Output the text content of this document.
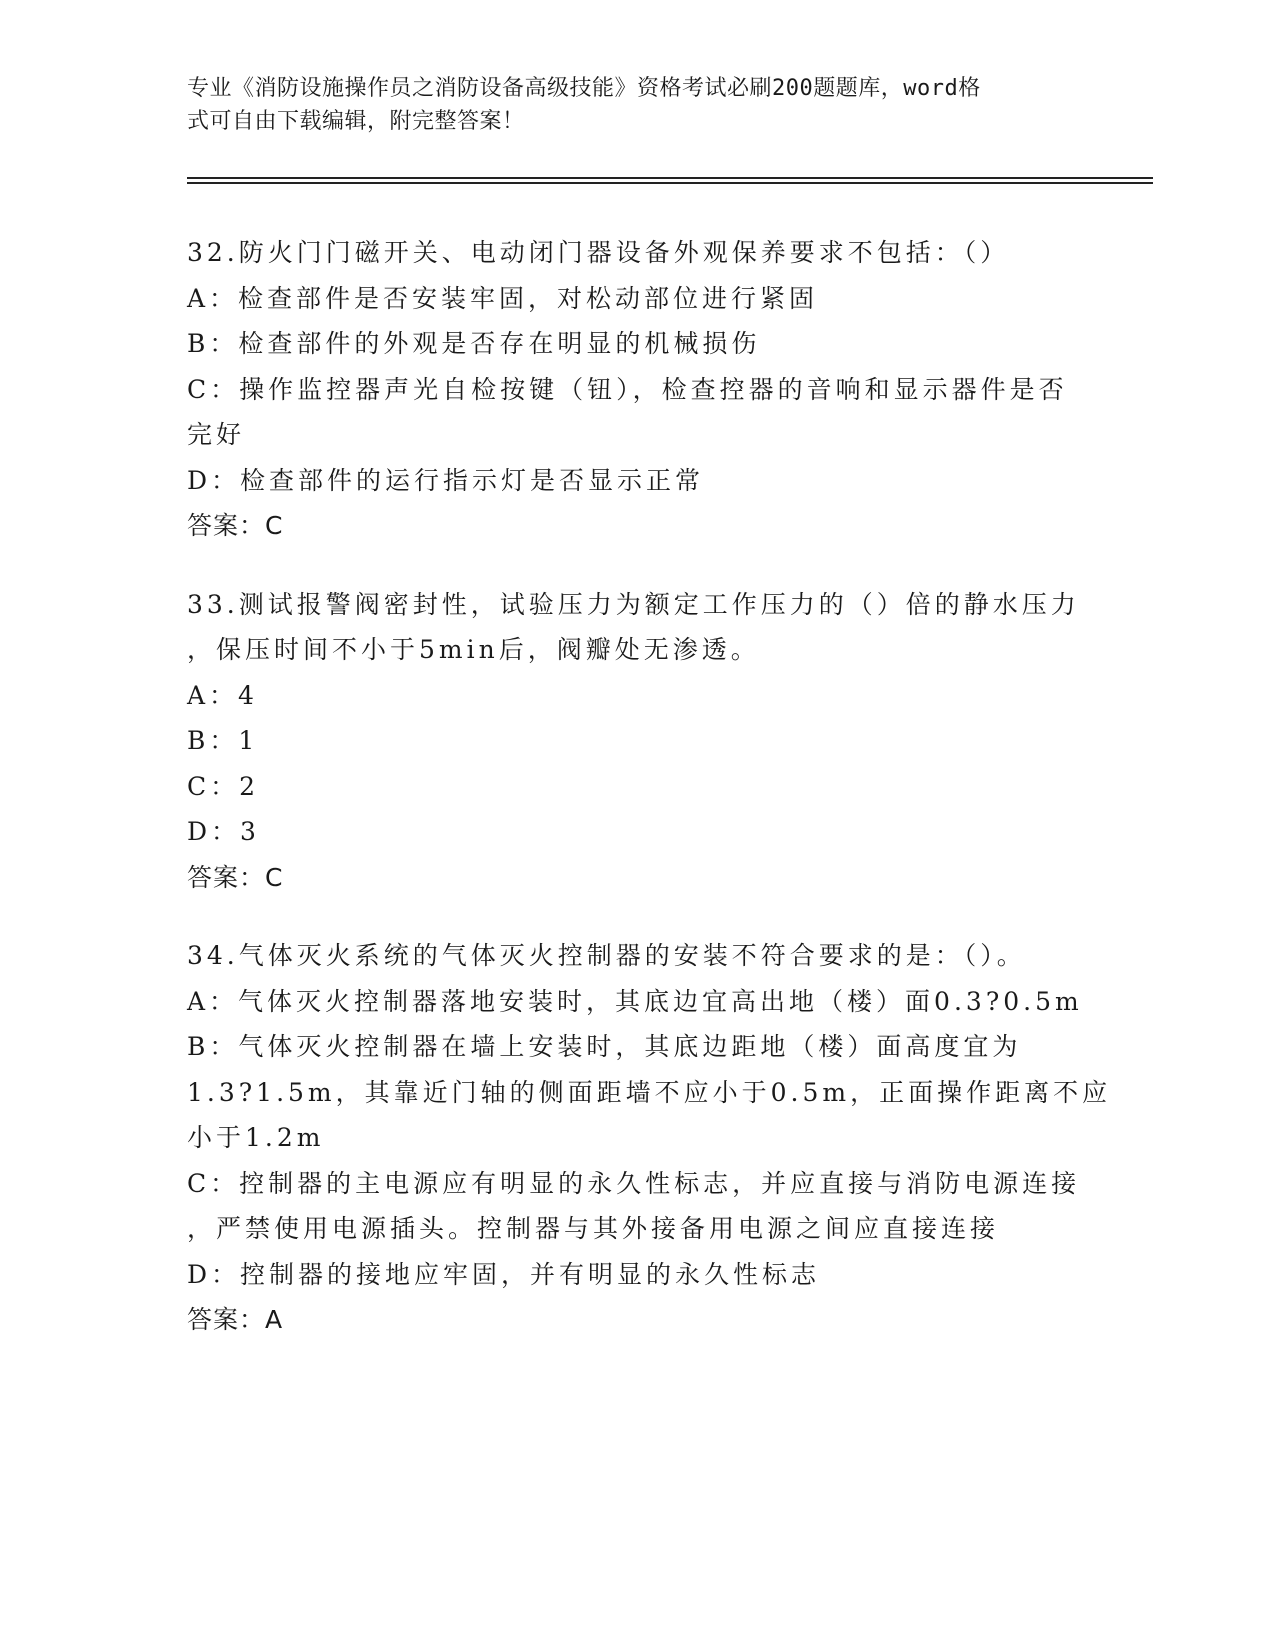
专业《消防设施操作员之消防设备高级技能》资格考试必刷200题题库，word格
式可自由下载编辑，附完整答案！
32.防火门门磁开关、电动闭门器设备外观保养要求不包括：（）
A：检查部件是否安装牢固，对松动部位进行紧固
B：检查部件的外观是否存在明显的机械损伤
C：操作监控器声光自检按键（钮），检查控器的音响和显示器件是否
完好
D：检查部件的运行指示灯是否显示正常
答案：C
33.测试报警阀密封性，试验压力为额定工作压力的（）倍的静水压力
，保压时间不小于5min后，阀瓣处无渗透。
A：4
B：1
C：2
D：3
答案：C
34.气体灭火系统的气体灭火控制器的安装不符合要求的是：（）。
A：气体灭火控制器落地安装时，其底边宜高出地（楼）面0.3?0.5m
B：气体灭火控制器在墙上安装时，其底边距地（楼）面高度宜为
1.3?1.5m，其靠近门轴的侧面距墙不应小于0.5m，正面操作距离不应
小于1.2m
C：控制器的主电源应有明显的永久性标志，并应直接与消防电源连接
，严禁使用电源插头。控制器与其外接备用电源之间应直接连接
D：控制器的接地应牢固，并有明显的永久性标志
答案：A
